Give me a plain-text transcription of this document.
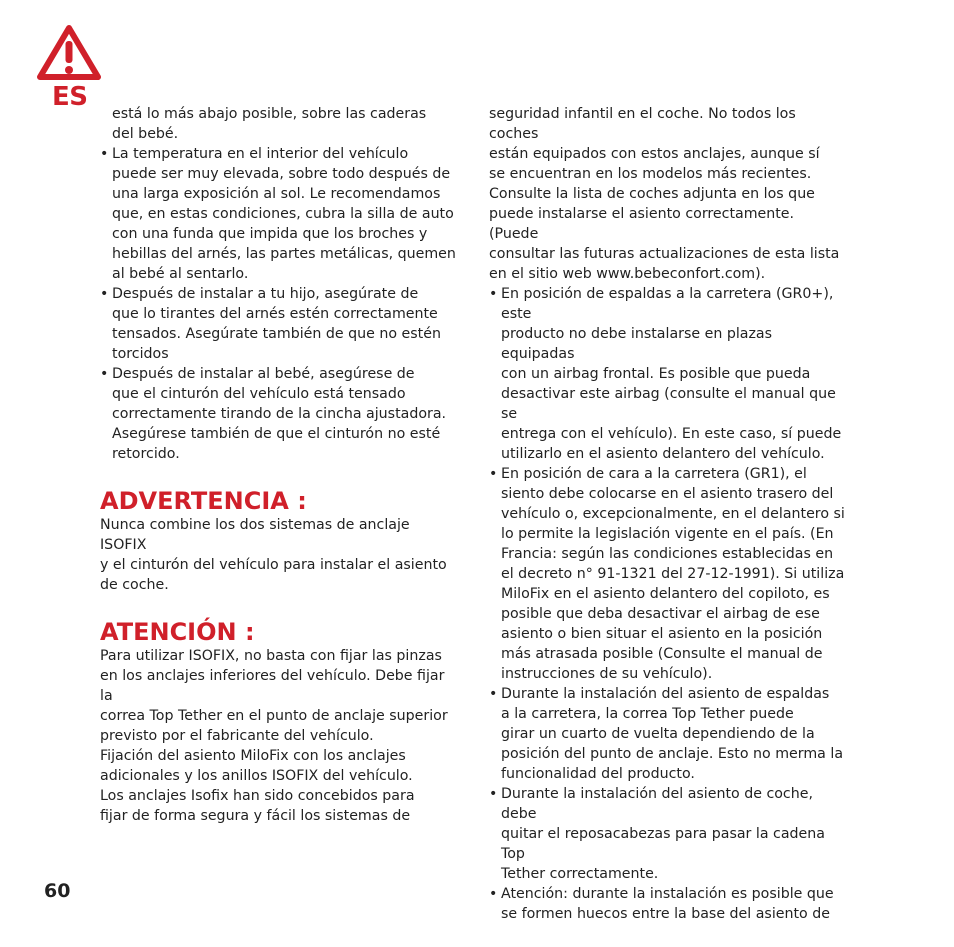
ES
está lo más abajo posible, sobre las caderas
del bebé.
• La temperatura en el interior del vehículo
puede ser muy elevada, sobre todo después de
una larga exposición al sol. Le recomendamos
que, en estas condiciones, cubra la silla de auto
con una funda que impida que los broches y
hebillas del arnés, las partes metálicas, quemen
al bebé al sentarlo.
• Después de instalar a tu hijo, asegúrate de
que lo tirantes del arnés estén correctamente
tensados. Asegúrate también de que no estén
torcidos
• Después de instalar al bebé, asegúrese de
que el cinturón del vehículo está tensado
correctamente tirando de la cincha ajustadora.
Asegúrese también de que el cinturón no esté
retorcido.
ADVERTENCIA :
Nunca combine los dos sistemas de anclaje ISOFIX
y el cinturón del vehículo para instalar el asiento
de coche.
ATENCIÓN :
Para utilizar ISOFIX, no basta con fijar las pinzas
en los anclajes inferiores del vehículo. Debe fijar la
correa Top Tether en el punto de anclaje superior
previsto por el fabricante del vehículo.
Fijación del asiento MiloFix con los anclajes
adicionales y los anillos ISOFIX del vehículo.
Los anclajes Isofix han sido concebidos para
fijar de forma segura y fácil los sistemas de
seguridad infantil en el coche. No todos los coches
están equipados con estos anclajes, aunque sí
se encuentran en los modelos más recientes.
Consulte la lista de coches adjunta en los que
puede instalarse el asiento correctamente. (Puede
consultar las futuras actualizaciones de esta lista
en el sitio web www.bebeconfort.com).
• En posición de espaldas a la carretera (GR0+), este
producto no debe instalarse en plazas equipadas
con un airbag frontal. Es posible que pueda
desactivar este airbag (consulte el manual que se
entrega con el vehículo). En este caso, sí puede
utilizarlo en el asiento delantero del vehículo.
• En posición de cara a la carretera (GR1), el
siento debe colocarse en el asiento trasero del
vehículo o, excepcionalmente, en el delantero si
lo permite la legislación vigente en el país. (En
Francia: según las condiciones establecidas en
el decreto n° 91-1321 del 27-12-1991). Si utiliza
MiloFix en el asiento delantero del copiloto, es
posible que deba desactivar el airbag de ese
asiento o bien situar el asiento en la posición
más atrasada posible (Consulte el manual de
instrucciones de su vehículo).
• Durante la instalación del asiento de espaldas
a la carretera, la correa Top Tether puede
girar un cuarto de vuelta dependiendo de la
posición del punto de anclaje. Esto no merma la
funcionalidad del producto.
• Durante la instalación del asiento de coche, debe
quitar el reposacabezas para pasar la cadena Top
Tether correctamente.
• Atención: durante la instalación es posible que
se formen huecos entre la base del asiento de
60
